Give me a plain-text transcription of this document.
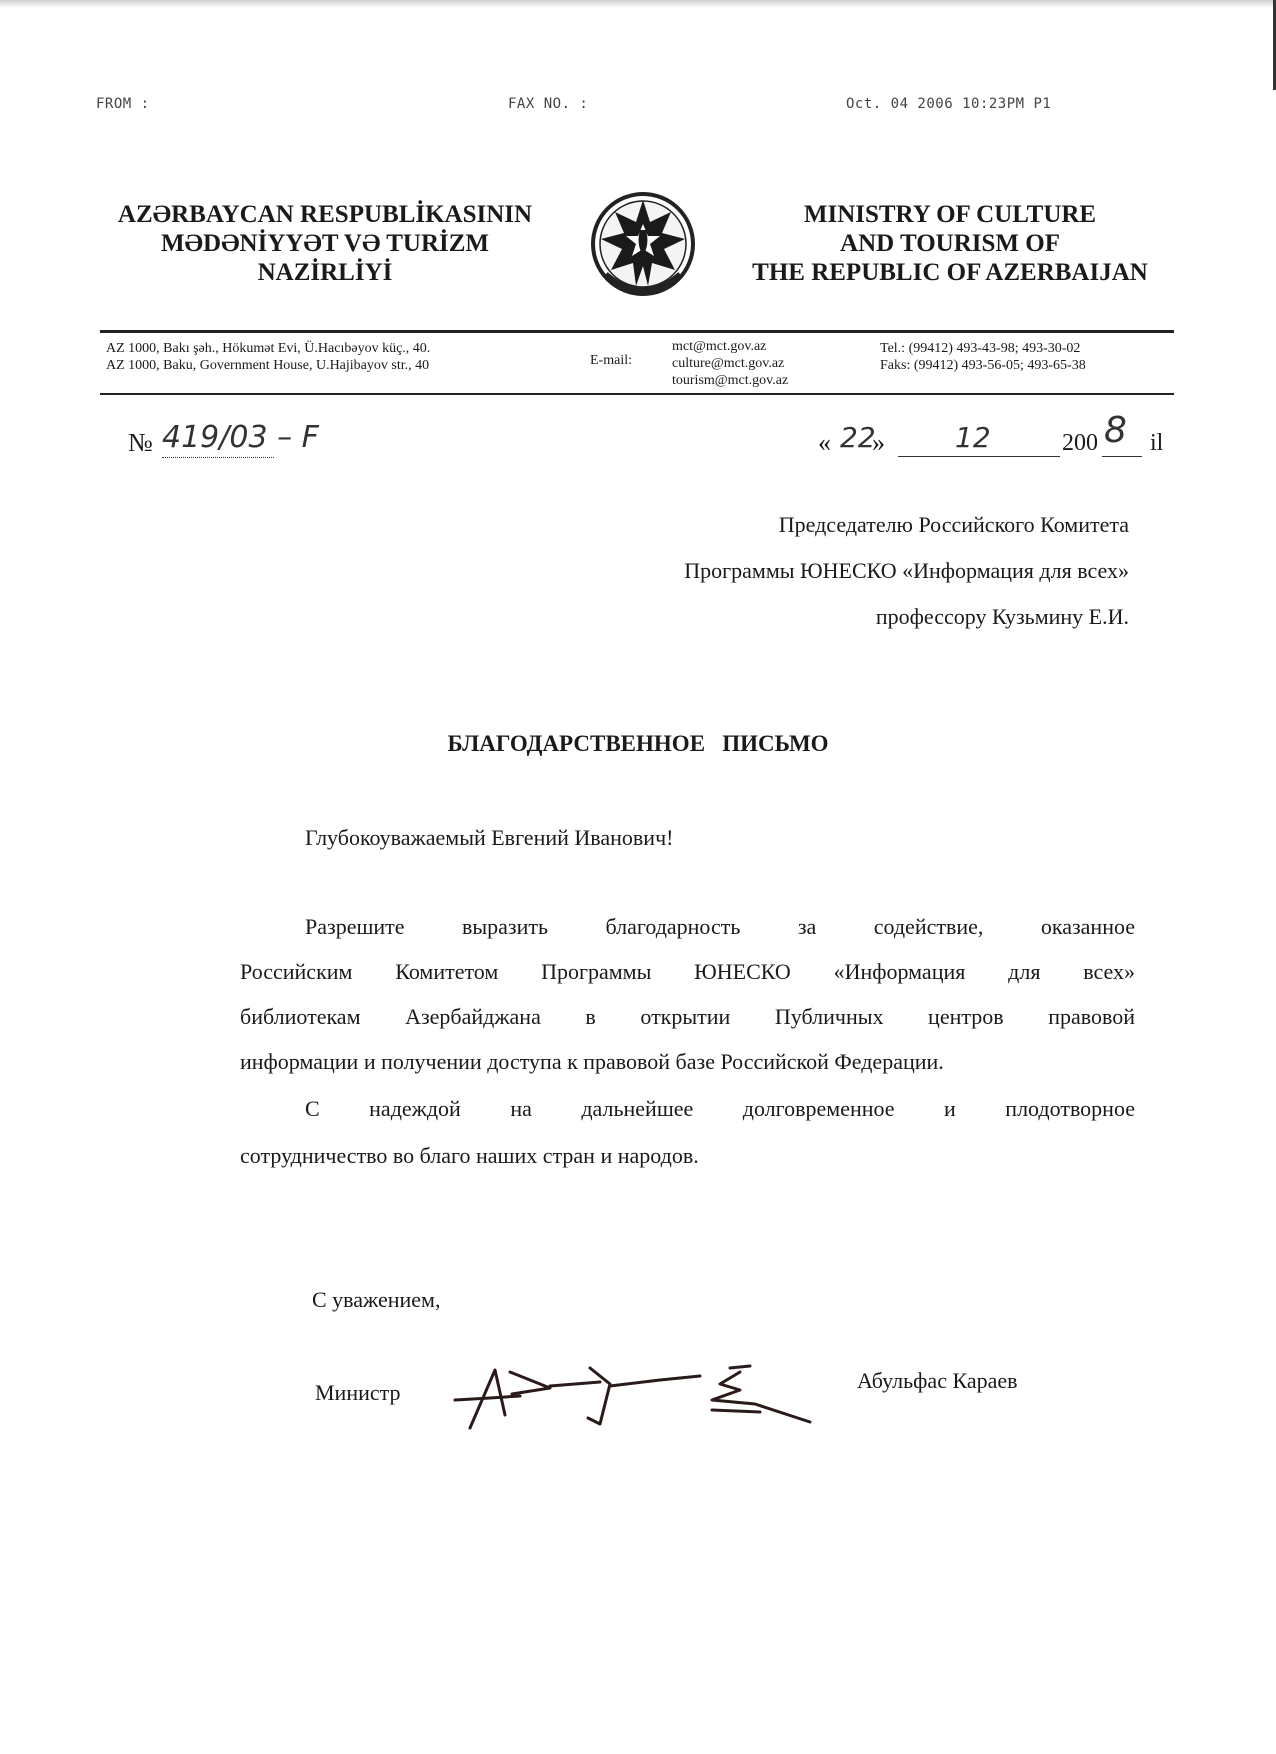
FROM :	FAX NO. :	Oct. 04 2006 10:23PM P1
AZƏRBAYCAN RESPUBLİKASININ
MƏDƏNİYYƏT VƏ TURİZM
NAZİRLİYİ
MINISTRY OF CULTURE
AND TOURISM OF
THE REPUBLIC OF AZERBAIJAN
AZ 1000, Bakı şəh., Hökumət Evi, Ü.Hacıbəyov küç., 40.
AZ 1000, Baku, Government House, U.Hajibayov str., 40	E-mail:
mct@mct.gov.az
culture@mct.gov.az
tourism@mct.gov.az
Tel.: (99412) 493-43-98; 493-30-02
Faks: (99412) 493-56-05; 493-65-38
№ 419/03 – F	« 22
»	12	200 8 il
Председателю Российского Комитета
Программы ЮНЕСКО «Информация для всех»
профессору Кузьмину Е.И.
БЛАГОДАРСТВЕННОЕ   ПИСЬМО
Глубокоуважаемый Евгений Иванович!
Разрешите выразить благодарность за содействие, оказанное
Российским Комитетом Программы ЮНЕСКО «Информация для всех»
библиотекам Азербайджана в открытии Публичных центров правовой
информации и получении доступа к правовой базе Российской Федерации.
С надеждой на дальнейшее долговременное и плодотворное
сотрудничество во благо наших стран и народов.
С уважением,
Министр	Абульфас Караев
